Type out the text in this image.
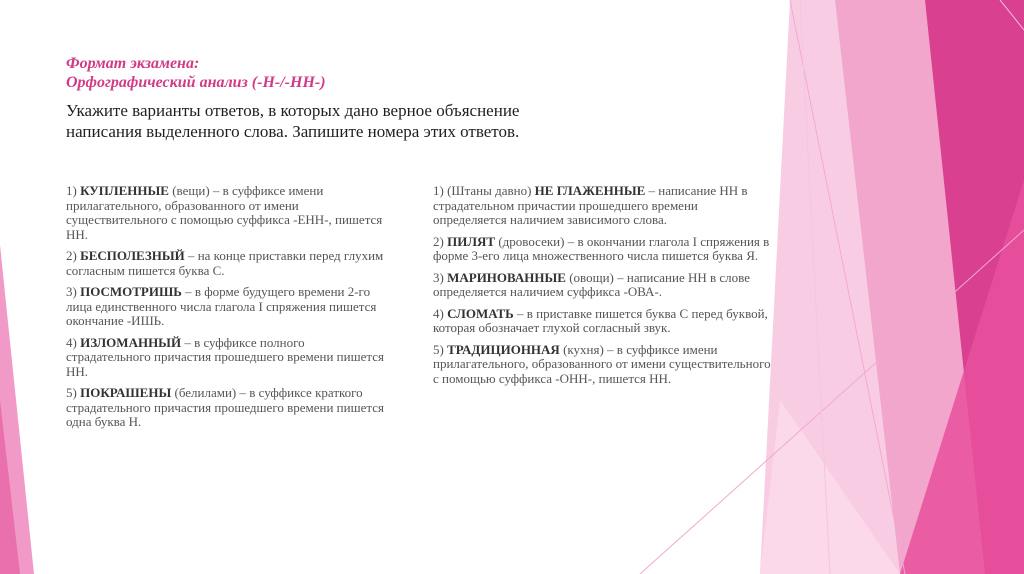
Формат экзамена:
Орфографический анализ (-Н-/-НН-)
Укажите варианты ответов, в которых дано верное объяснение
написания выделенного слова. Запишите номера этих ответов.
1) КУПЛЕННЫЕ (вещи) – в суффиксе имени прилагательного, образованного от имени существительного с помощью суффикса -ЕНН-, пишется НН.
2) БЕСПОЛЕЗНЫЙ – на конце приставки перед глухим согласным пишется буква С.
3) ПОСМОТРИШЬ – в форме будущего времени 2-го лица единственного числа глагола I спряжения пишется окончание -ИШЬ.
4) ИЗЛОМАННЫЙ – в суффиксе полного страдательного причастия прошедшего времени пишется НН.
5) ПОКРАШЕНЫ (белилами) – в суффиксе краткого страдательного причастия прошедшего времени пишется одна буква Н.
1) (Штаны давно) НЕ ГЛАЖЕННЫЕ – написание НН в страдательном причастии прошедшего времени определяется наличием зависимого слова.
2) ПИЛЯТ (дровосеки) – в окончании глагола I спряжения в форме 3-его лица множественного числа пишется буква Я.
3) МАРИНОВАННЫЕ (овощи) – написание НН в слове определяется наличием суффикса -ОВА-.
4) СЛОМАТЬ – в приставке пишется буква С перед буквой, которая обозначает глухой согласный звук.
5) ТРАДИЦИОННАЯ (кухня) – в суффиксе имени прилагательного, образованного от имени существительного с помощью суффикса -ОНН-, пишется НН.
